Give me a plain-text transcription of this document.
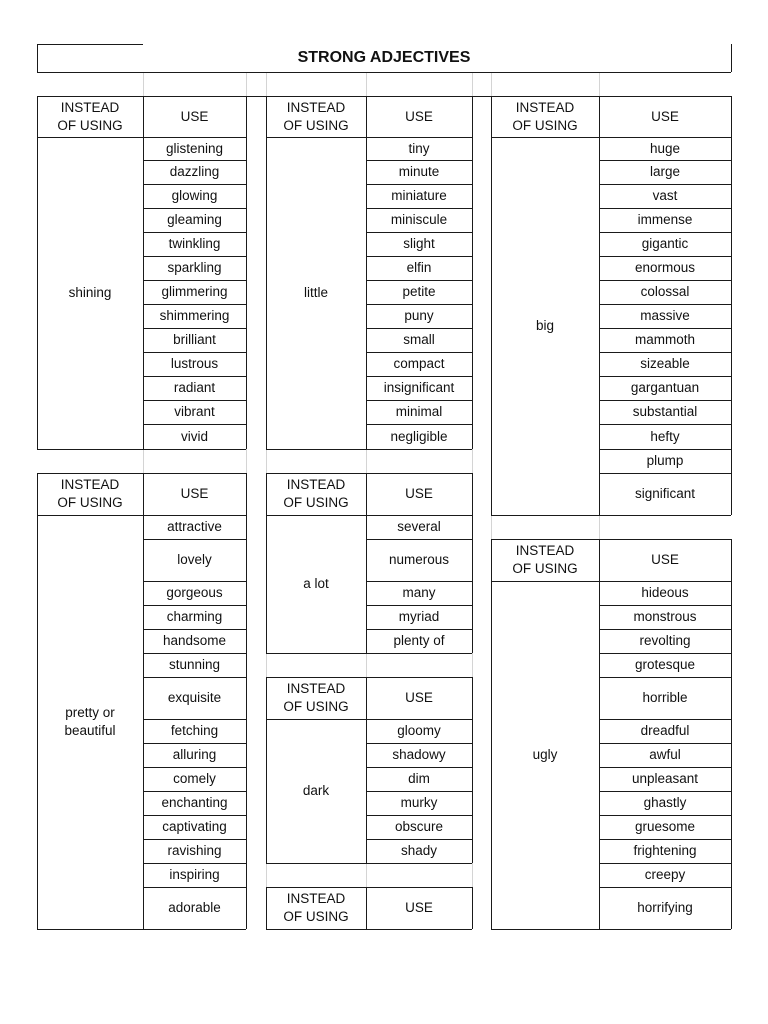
STRONG ADJECTIVES
INSTEAD
OF USING
USE
shining
glistening
dazzling
glowing
gleaming
twinkling
sparkling
glimmering
shimmering
brilliant
lustrous
radiant
vibrant
vivid
INSTEAD
OF USING
USE
little
tiny
minute
miniature
miniscule
slight
elfin
petite
puny
small
compact
insignificant
minimal
negligible
INSTEAD
OF USING
USE
big
huge
large
vast
immense
gigantic
enormous
colossal
massive
mammoth
sizeable
gargantuan
substantial
hefty
plump
significant
INSTEAD
OF USING
USE
pretty or
beautiful
attractive
lovely
gorgeous
charming
handsome
stunning
exquisite
fetching
alluring
comely
enchanting
captivating
ravishing
inspiring
adorable
INSTEAD
OF USING
USE
a lot
several
numerous
many
myriad
plenty of
INSTEAD
OF USING
USE
dark
gloomy
shadowy
dim
murky
obscure
shady
INSTEAD
OF USING
USE
ugly
hideous
monstrous
revolting
grotesque
horrible
dreadful
awful
unpleasant
ghastly
gruesome
frightening
creepy
horrifying
INSTEAD
OF USING
USE
